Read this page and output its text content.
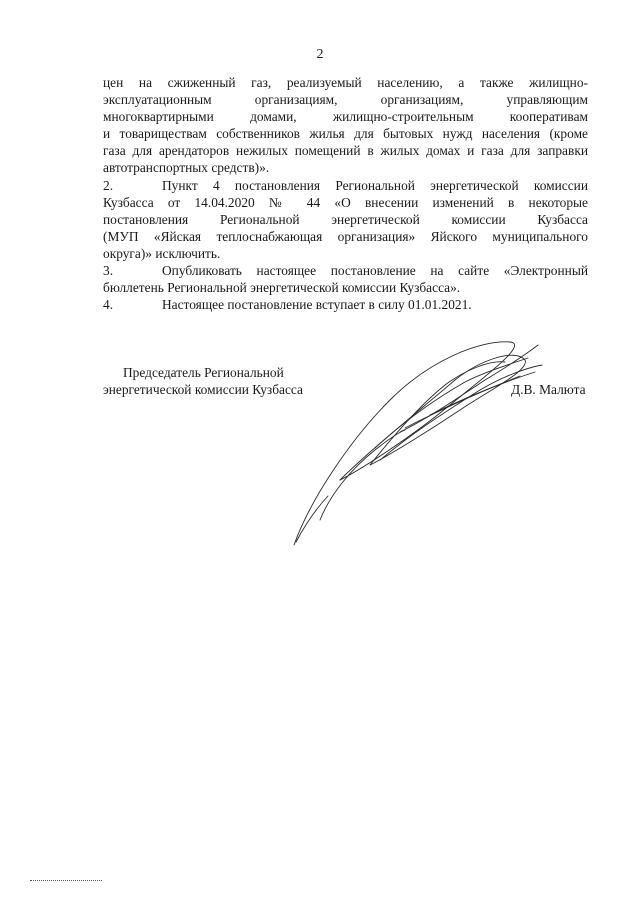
2
цен на сжиженный газ, реализуемый населению, а также жилищно-
эксплуатационным организациям, организациям, управляющим
многоквартирными домами, жилищно-строительным кооперативам
и товариществам собственников жилья для бытовых нужд населения (кроме
газа для арендаторов нежилых помещений в жилых домах и газа для заправки
автотранспортных средств)».
2.	Пункт 4 постановления Региональной энергетической комиссии
Кузбасса от 14.04.2020 № 44 «О внесении изменений в некоторые
постановления Региональной энергетической комиссии Кузбасса
(МУП «Яйская теплоснабжающая организация» Яйского муниципального
округа)» исключить.
3.	Опубликовать настоящее постановление на сайте «Электронный
бюллетень Региональной энергетической комиссии Кузбасса».
4.	Настоящее постановление вступает в силу 01.01.2021.
Председатель Региональной
энергетической комиссии Кузбасса	Д.В. Малюта
